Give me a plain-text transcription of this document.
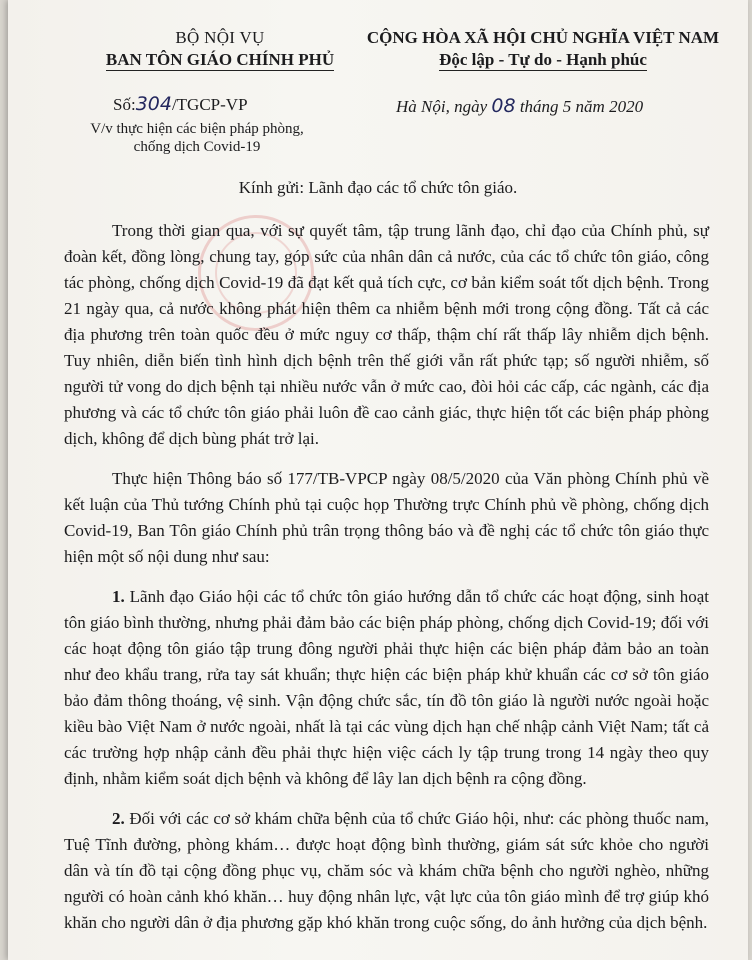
BỘ NỘI VỤ
BAN TÔN GIÁO CHÍNH PHỦ
CỘNG HÒA XÃ HỘI CHỦ NGHĨA VIỆT NAM
Độc lập - Tự do - Hạnh phúc
Số:304/TGCP-VP	Hà Nội, ngày 08 tháng 5 năm 2020
V/v thực hiện các biện pháp phòng,
chống dịch Covid-19
Kính gửi: Lãnh đạo các tổ chức tôn giáo.

Trong thời gian qua, với sự quyết tâm, tập trung lãnh đạo, chỉ đạo của Chính phủ, sự đoàn kết, đồng lòng, chung tay, góp sức của nhân dân cả nước, của các tổ chức tôn giáo, công tác phòng, chống dịch Covid-19 đã đạt kết quả tích cực, cơ bản kiểm soát tốt dịch bệnh. Trong 21 ngày qua, cả nước không phát hiện thêm ca nhiễm bệnh mới trong cộng đồng. Tất cả các địa phương trên toàn quốc đều ở mức nguy cơ thấp, thậm chí rất thấp lây nhiễm dịch bệnh. Tuy nhiên, diễn biến tình hình dịch bệnh trên thế giới vẫn rất phức tạp; số người nhiễm, số người tử vong do dịch bệnh tại nhiều nước vẫn ở mức cao, đòi hỏi các cấp, các ngành, các địa phương và các tổ chức tôn giáo phải luôn đề cao cảnh giác, thực hiện tốt các biện pháp phòng dịch, không để dịch bùng phát trở lại.

Thực hiện Thông báo số 177/TB-VPCP ngày 08/5/2020 của Văn phòng Chính phủ về kết luận của Thủ tướng Chính phủ tại cuộc họp Thường trực Chính phủ về phòng, chống dịch Covid-19, Ban Tôn giáo Chính phủ trân trọng thông báo và đề nghị các tổ chức tôn giáo thực hiện một số nội dung như sau:

1. Lãnh đạo Giáo hội các tổ chức tôn giáo hướng dẫn tổ chức các hoạt động, sinh hoạt tôn giáo bình thường, nhưng phải đảm bảo các biện pháp phòng, chống dịch Covid-19; đối với các hoạt động tôn giáo tập trung đông người phải thực hiện các biện pháp đảm bảo an toàn như đeo khẩu trang, rửa tay sát khuẩn; thực hiện các biện pháp khử khuẩn các cơ sở tôn giáo bảo đảm thông thoáng, vệ sinh. Vận động chức sắc, tín đồ tôn giáo là người nước ngoài hoặc kiều bào Việt Nam ở nước ngoài, nhất là tại các vùng dịch hạn chế nhập cảnh Việt Nam; tất cả các trường hợp nhập cảnh đều phải thực hiện việc cách ly tập trung trong 14 ngày theo quy định, nhằm kiểm soát dịch bệnh và không để lây lan dịch bệnh ra cộng đồng.

2. Đối với các cơ sở khám chữa bệnh của tổ chức Giáo hội, như: các phòng thuốc nam, Tuệ Tĩnh đường, phòng khám… được hoạt động bình thường, giám sát sức khỏe cho người dân và tín đồ tại cộng đồng phục vụ, chăm sóc và khám chữa bệnh cho người nghèo, những người có hoàn cảnh khó khăn… huy động nhân lực, vật lực của tôn giáo mình để trợ giúp khó khăn cho người dân ở địa phương gặp khó khăn trong cuộc sống, do ảnh hưởng của dịch bệnh.
